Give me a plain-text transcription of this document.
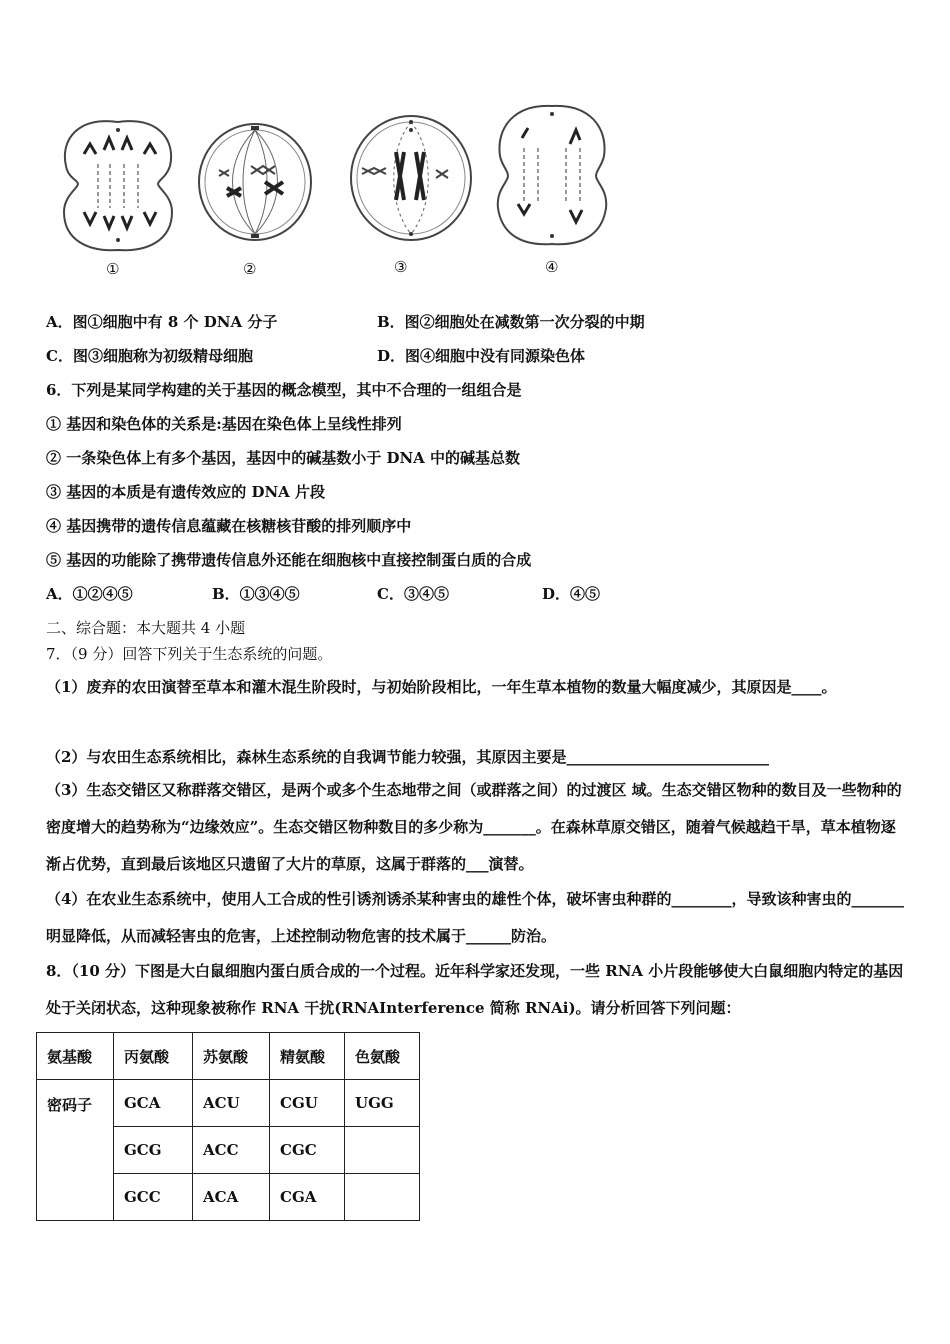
①	②	③	④
A．图①细胞中有 8 个 DNA 分子	B．图②细胞处在减数第一次分裂的中期
C．图③细胞称为初级精母细胞	D．图④细胞中没有同源染色体
6．下列是某同学构建的关于基因的概念模型，其中不合理的一组组合是
① 基因和染色体的关系是:基因在染色体上呈线性排列
② 一条染色体上有多个基因，基因中的碱基数小于 DNA 中的碱基总数
③ 基因的本质是有遗传效应的 DNA 片段
④ 基因携带的遗传信息蕴藏在核糖核苷酸的排列顺序中
⑤ 基因的功能除了携带遗传信息外还能在细胞核中直接控制蛋白质的合成
A．①②④⑤	B．①③④⑤	C．③④⑤	D．④⑤
二、综合题：本大题共 4 小题
7．（9 分）回答下列关于生态系统的问题。
（1）废弃的农田演替至草本和灌木混生阶段时，与初始阶段相比，一年生草本植物的数量大幅度减少，其原因是____。
（2）与农田生态系统相比，森林生态系统的自我调节能力较强，其原因主要是___________________________
（3）生态交错区又称群落交错区，是两个或多个生态地带之间（或群落之间）的过渡区 域。生态交错区物种的数目及一些物种的密度增大的趋势称为“边缘效应”。生态交错区物种数目的多少称为_______。在森林草原交错区，随着气候越趋干旱，草本植物逐渐占优势，直到最后该地区只遗留了大片的草原，这属于群落的___演替。
（4）在农业生态系统中，使用人工合成的性引诱剂诱杀某种害虫的雄性个体，破坏害虫种群的________，导致该种害虫的_______明显降低，从而减轻害虫的危害，上述控制动物危害的技术属于______防治。
8．（10 分）下图是大白鼠细胞内蛋白质合成的一个过程。近年科学家还发现，一些 RNA 小片段能够使大白鼠细胞内特定的基因处于关闭状态，这种现象被称作 RNA 干扰(RNAInterference 简称 RNAi)。请分析回答下列问题：
氨基酸	丙氨酸	苏氨酸	精氨酸	色氨酸
密码子	GCA	ACU	CGU	UGG
	GCG	ACC	CGC	
	GCC	ACA	CGA	
